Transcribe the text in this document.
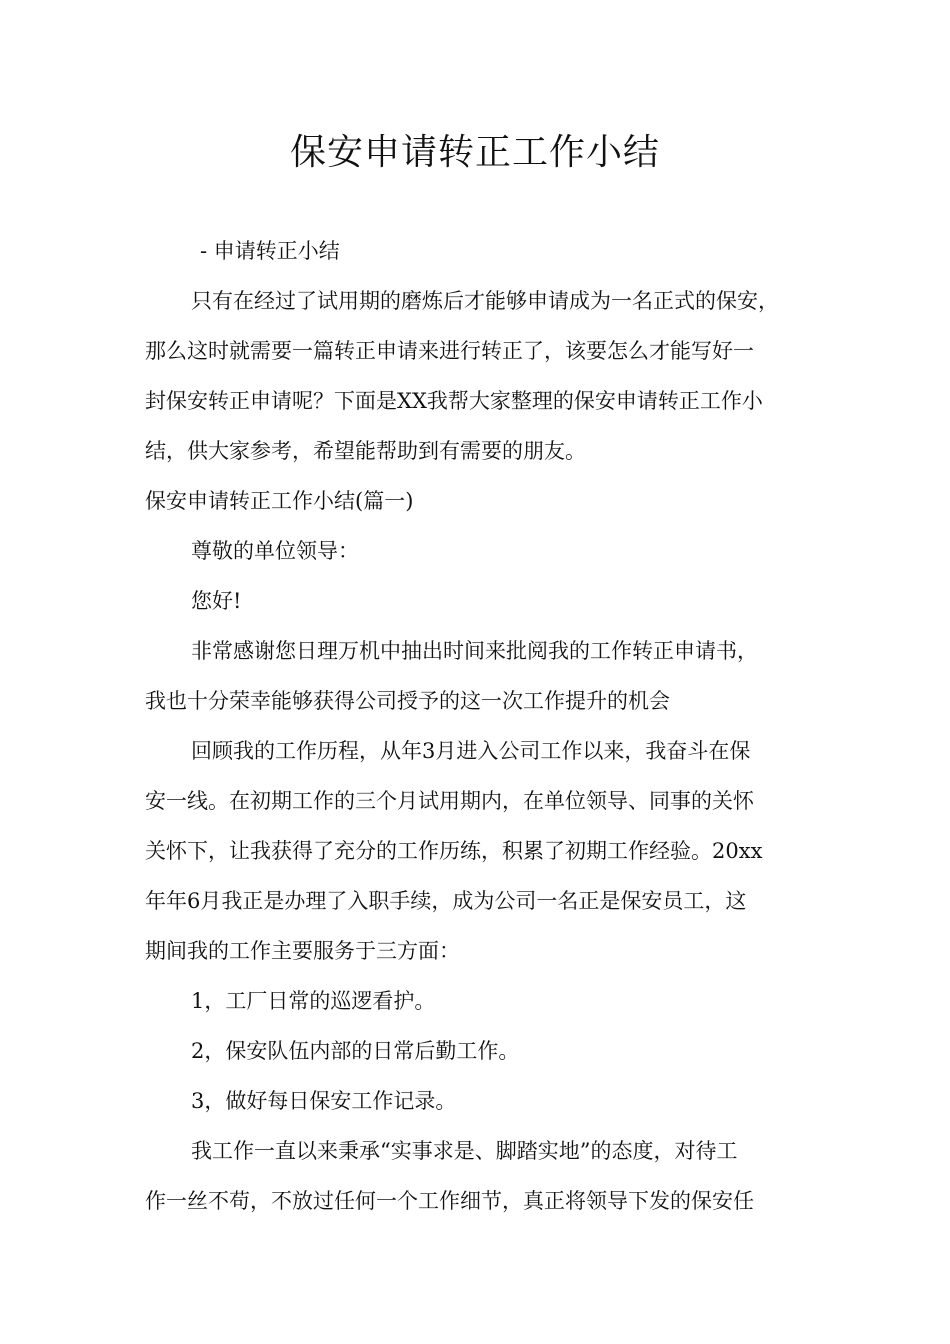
保安申请转正工作小结
- 申请转正小结
只有在经过了试用期的磨炼后才能够申请成为一名正式的保安，
那么这时就需要一篇转正申请来进行转正了，该要怎么才能写好一
封保安转正申请呢？下面是XX我帮大家整理的保安申请转正工作小
结，供大家参考，希望能帮助到有需要的朋友。
保安申请转正工作小结(篇一)
尊敬的单位领导：
您好!
非常感谢您日理万机中抽出时间来批阅我的工作转正申请书，
我也十分荣幸能够获得公司授予的这一次工作提升的机会
回顾我的工作历程，从年3月进入公司工作以来，我奋斗在保
安一线。在初期工作的三个月试用期内，在单位领导、同事的关怀
关怀下，让我获得了充分的工作历练，积累了初期工作经验。20xx
年年6月我正是办理了入职手续，成为公司一名正是保安员工，这
期间我的工作主要服务于三方面：
1，工厂日常的巡逻看护。
2，保安队伍内部的日常后勤工作。
3，做好每日保安工作记录。
我工作一直以来秉承“实事求是、脚踏实地”的态度，对待工
作一丝不苟，不放过任何一个工作细节，真正将领导下发的保安任
